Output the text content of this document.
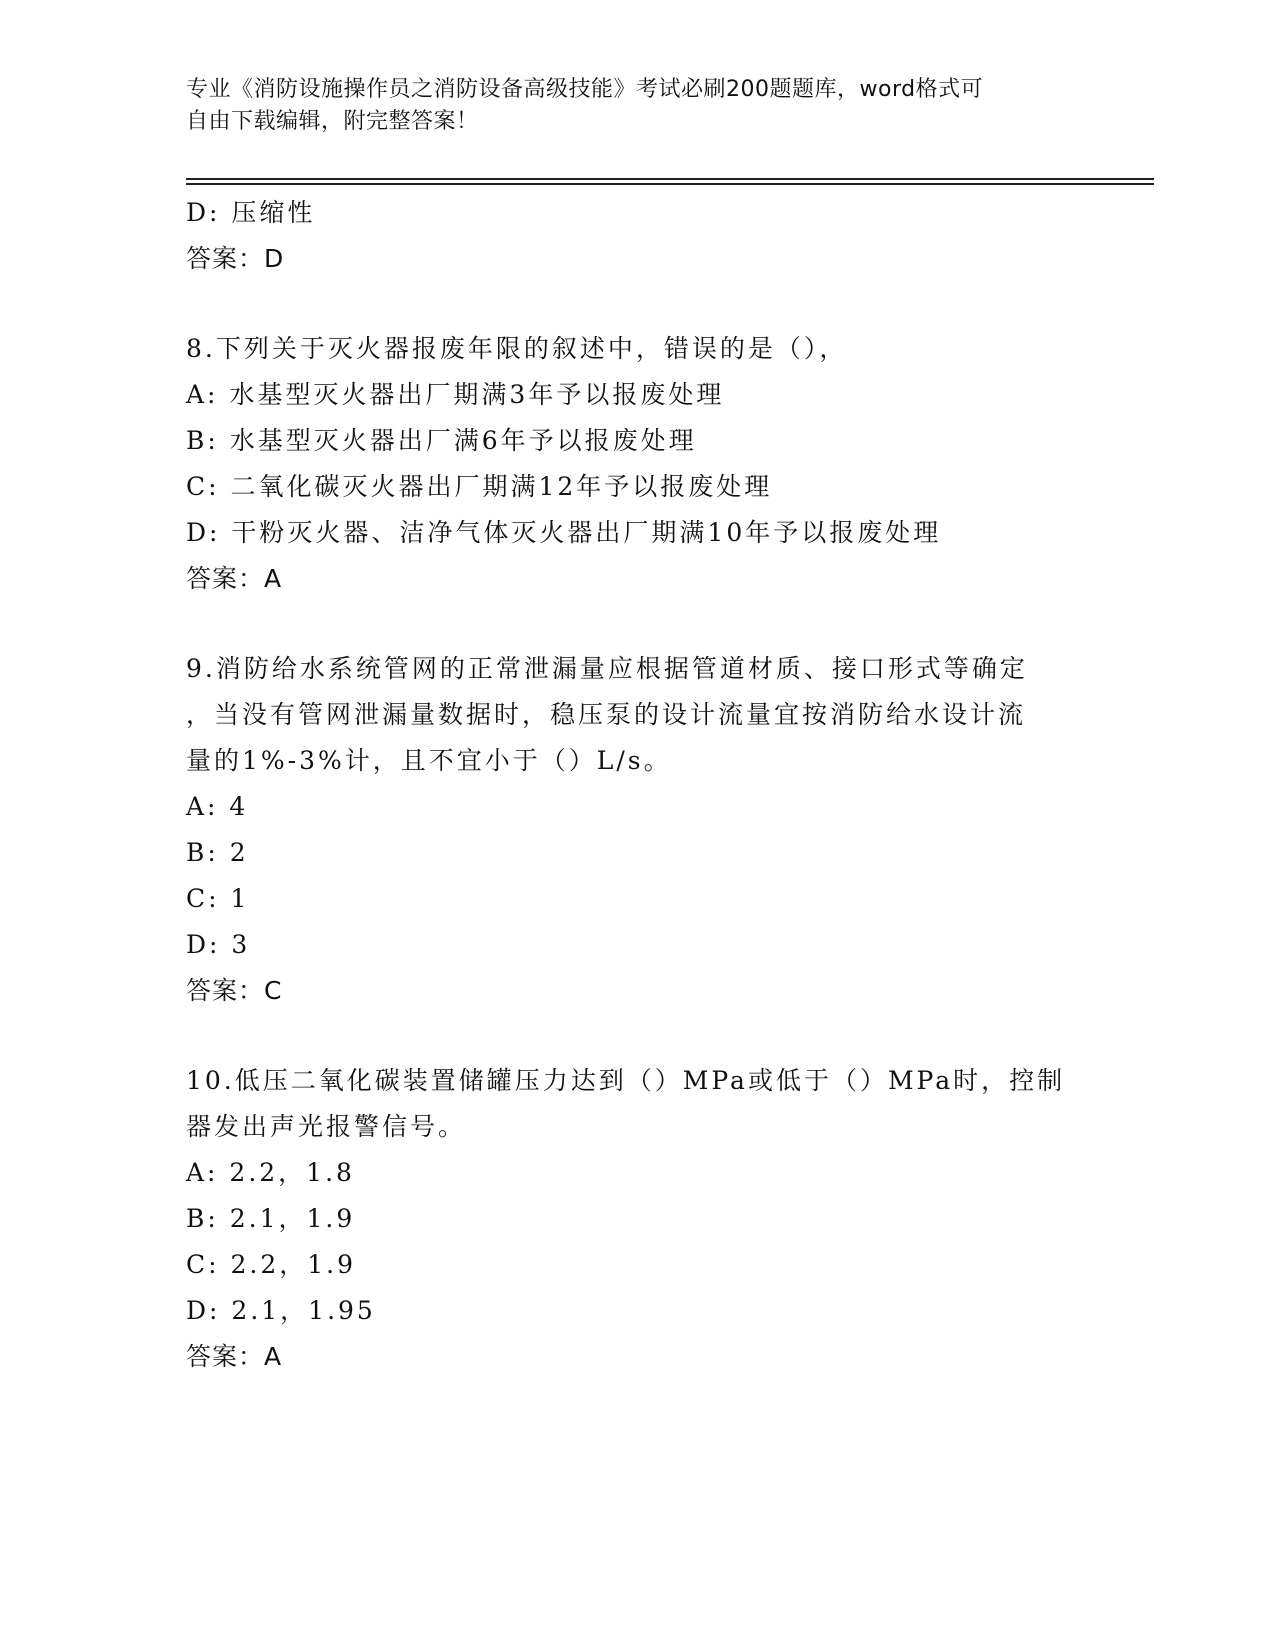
专业《消防设施操作员之消防设备高级技能》考试必刷200题题库，word格式可
自由下载编辑，附完整答案！
D: 压缩性
答案：D
8.下列关于灭火器报废年限的叙述中，错误的是（），
A: 水基型灭火器出厂期满3年予以报废处理
B: 水基型灭火器出厂满6年予以报废处理
C: 二氧化碳灭火器出厂期满12年予以报废处理
D: 干粉灭火器、洁净气体灭火器出厂期满10年予以报废处理
答案：A
9.消防给水系统管网的正常泄漏量应根据管道材质、接口形式等确定
，当没有管网泄漏量数据时，稳压泵的设计流量宜按消防给水设计流
量的1%-3%计，且不宜小于（）L/s。
A: 4
B: 2
C: 1
D: 3
答案：C
10.低压二氧化碳装置储罐压力达到（）MPa或低于（）MPa时，控制
器发出声光报警信号。
A: 2.2，1.8
B: 2.1，1.9
C: 2.2，1.9
D: 2.1，1.95
答案：A
